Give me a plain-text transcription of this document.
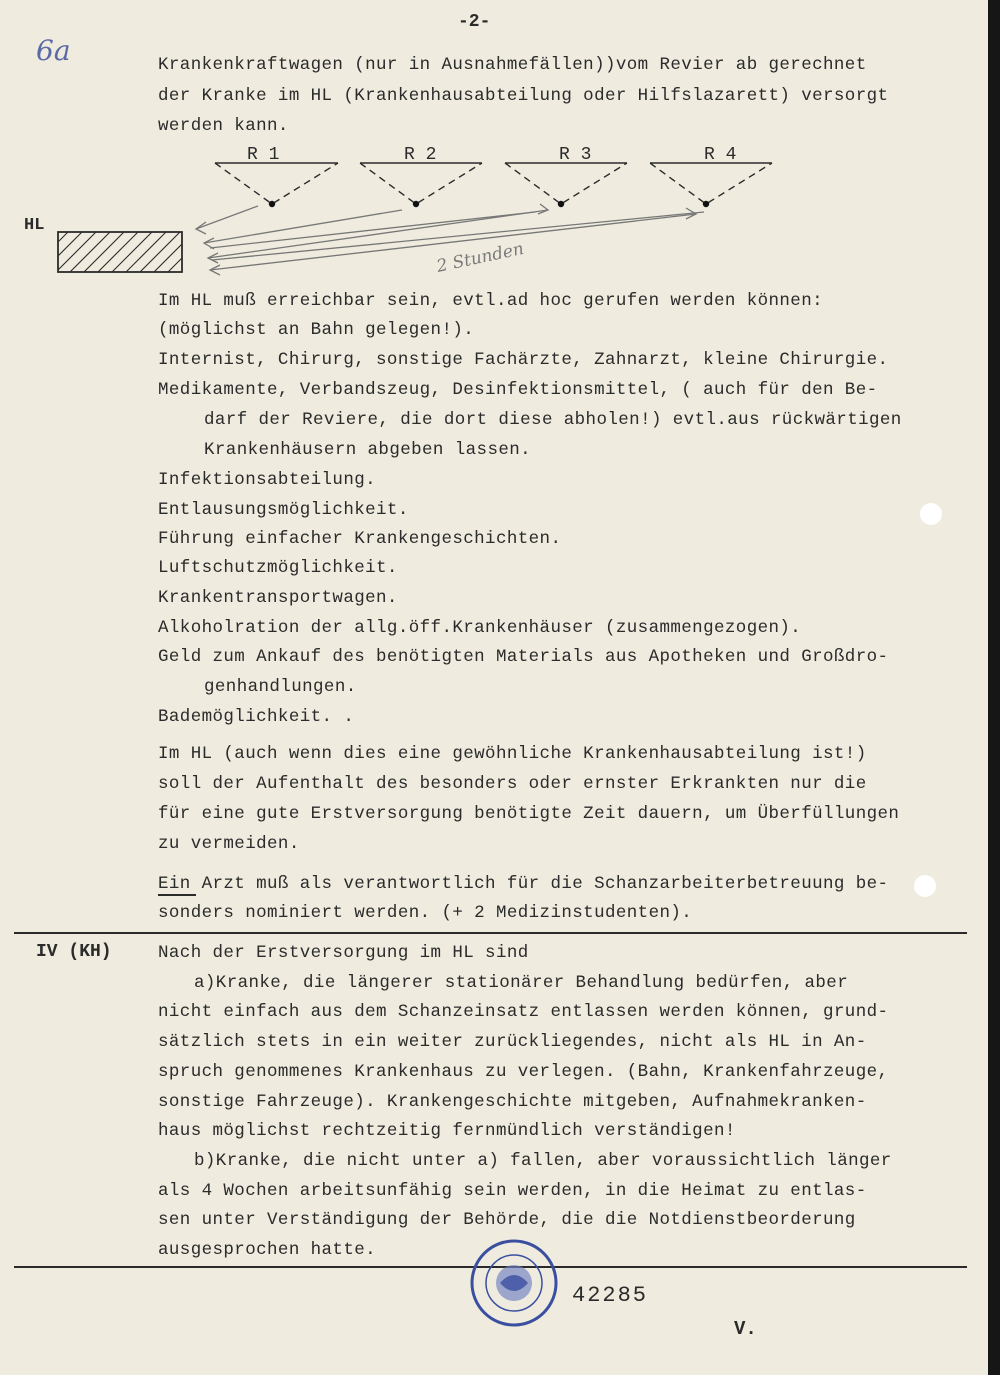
-2-
6a	Krankenkraftwagen (nur in Ausnahmefällen))vom Revier ab gerechnet
der Kranke im HL (Krankenhausabteilung oder Hilfslazarett) versorgt
werden kann.
HL
R 1	R 2	R 3	R 4
2 Stunden
Im HL muß erreichbar sein, evtl.ad hoc gerufen werden können:
(möglichst an Bahn gelegen!).
Internist, Chirurg, sonstige Fachärzte, Zahnarzt, kleine Chirurgie.
Medikamente, Verbandszeug, Desinfektionsmittel, ( auch für den Be-
darf der Reviere, die dort diese abholen!) evtl.aus rückwärtigen
Krankenhäusern abgeben lassen.
Infektionsabteilung.
Entlausungsmöglichkeit.
Führung einfacher Krankengeschichten.
Luftschutzmöglichkeit.
Krankentransportwagen.
Alkoholration der allg.öff.Krankenhäuser (zusammengezogen).
Geld zum Ankauf des benötigten Materials aus Apotheken und Großdro-
genhandlungen.
Bademöglichkeit. .
Im HL (auch wenn dies eine gewöhnliche Krankenhausabteilung ist!)
soll der Aufenthalt des besonders oder ernster Erkrankten nur die
für eine gute Erstversorgung benötigte Zeit dauern, um Überfüllungen
zu vermeiden.
Ein Arzt muß als verantwortlich für die Schanzarbeiterbetreuung be-
sonders nominiert werden. (+ 2 Medizinstudenten).
IV (KH)	Nach der Erstversorgung im HL sind
a)Kranke, die längerer stationärer Behandlung bedürfen, aber
nicht einfach aus dem Schanzeinsatz entlassen werden können, grund-
sätzlich stets in ein weiter zurückliegendes, nicht als HL in An-
spruch genommenes Krankenhaus zu verlegen. (Bahn, Krankenfahrzeuge,
sonstige Fahrzeuge). Krankengeschichte mitgeben, Aufnahmekranken-
haus möglichst rechtzeitig fernmündlich verständigen!
b)Kranke, die nicht unter a) fallen, aber voraussichtlich länger
als 4 Wochen arbeitsunfähig sein werden, in die Heimat zu entlas-
sen unter Verständigung der Behörde, die die Notdienstbeorderung
ausgesprochen hatte.
42285
V.
